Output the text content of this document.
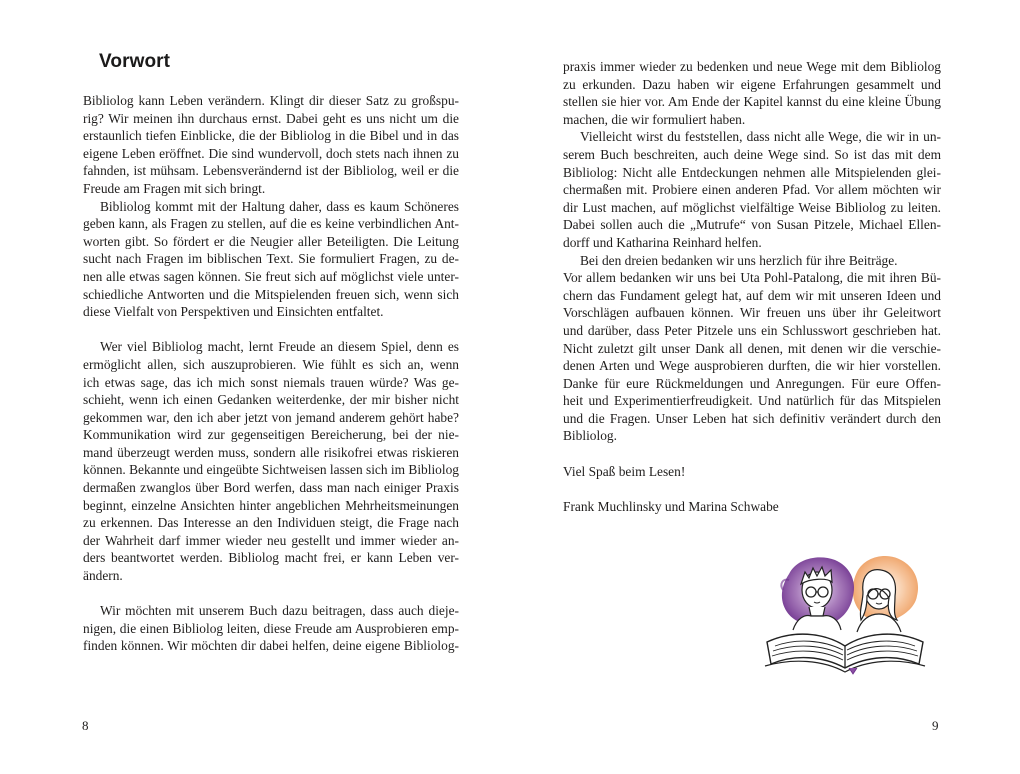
Vorwort
Bibliolog kann Leben verändern. Klingt dir dieser Satz zu großspu-
rig? Wir meinen ihn durchaus ernst. Dabei geht es uns nicht um die
erstaunlich tiefen Einblicke, die der Bibliolog in die Bibel und in das
eigene Leben eröffnet. Die sind wundervoll, doch stets nach ihnen zu
fahnden, ist mühsam. Lebensverändernd ist der Bibliolog, weil er die
Freude am Fragen mit sich bringt.
Bibliolog kommt mit der Haltung daher, dass es kaum Schöneres
geben kann, als Fragen zu stellen, auf die es keine verbindlichen Ant-
worten gibt. So fördert er die Neugier aller Beteiligten. Die Leitung
sucht nach Fragen im biblischen Text. Sie formuliert Fragen, zu de-
nen alle etwas sagen können. Sie freut sich auf möglichst viele unter-
schiedliche Antworten und die Mitspielenden freuen sich, wenn sich
diese Vielfalt von Perspektiven und Einsichten entfaltet.
Wer viel Bibliolog macht, lernt Freude an diesem Spiel, denn es
ermöglicht allen, sich auszuprobieren. Wie fühlt es sich an, wenn
ich etwas sage, das ich mich sonst niemals trauen würde? Was ge-
schieht, wenn ich einen Gedanken weiterdenke, der mir bisher nicht
gekommen war, den ich aber jetzt von jemand anderem gehört habe?
Kommunikation wird zur gegenseitigen Bereicherung, bei der nie-
mand überzeugt werden muss, sondern alle risikofrei etwas riskieren
können. Bekannte und eingeübte Sichtweisen lassen sich im Bibliolog
dermaßen zwanglos über Bord werfen, dass man nach einiger Praxis
beginnt, einzelne Ansichten hinter angeblichen Mehrheitsmeinungen
zu erkennen. Das Interesse an den Individuen steigt, die Frage nach
der Wahrheit darf immer wieder neu gestellt und immer wieder an-
ders beantwortet werden. Bibliolog macht frei, er kann Leben ver-
ändern.
Wir möchten mit unserem Buch dazu beitragen, dass auch dieje-
nigen, die einen Bibliolog leiten, diese Freude am Ausprobieren emp-
finden können. Wir möchten dir dabei helfen, deine eigene Bibliolog-
8
praxis immer wieder zu bedenken und neue Wege mit dem Bibliolog
zu erkunden. Dazu haben wir eigene Erfahrungen gesammelt und
stellen sie hier vor. Am Ende der Kapitel kannst du eine kleine Übung
machen, die wir formuliert haben.
Vielleicht wirst du feststellen, dass nicht alle Wege, die wir in un-
serem Buch beschreiten, auch deine Wege sind. So ist das mit dem
Bibliolog: Nicht alle Entdeckungen nehmen alle Mitspielenden glei-
chermaßen mit. Probiere einen anderen Pfad. Vor allem möchten wir
dir Lust machen, auf möglichst vielfältige Weise Bibliolog zu leiten.
Dabei sollen auch die „Mutrufe“ von Susan Pitzele, Michael Ellen-
dorff und Katharina Reinhard helfen.
Bei den dreien bedanken wir uns herzlich für ihre Beiträge.
Vor allem bedanken wir uns bei Uta Pohl-Patalong, die mit ihren Bü-
chern das Fundament gelegt hat, auf dem wir mit unseren Ideen und
Vorschlägen aufbauen können. Wir freuen uns über ihr Geleitwort
und darüber, dass Peter Pitzele uns ein Schlusswort geschrieben hat.
Nicht zuletzt gilt unser Dank all denen, mit denen wir die verschie-
denen Arten und Wege ausprobieren durften, die wir hier vorstellen.
Danke für eure Rückmeldungen und Anregungen. Für eure Offen-
heit und Experimentierfreudigkeit. Und natürlich für das Mitspielen
und die Fragen. Unser Leben hat sich definitiv verändert durch den
Bibliolog.
Viel Spaß beim Lesen!
Frank Muchlinsky und Marina Schwabe
9
